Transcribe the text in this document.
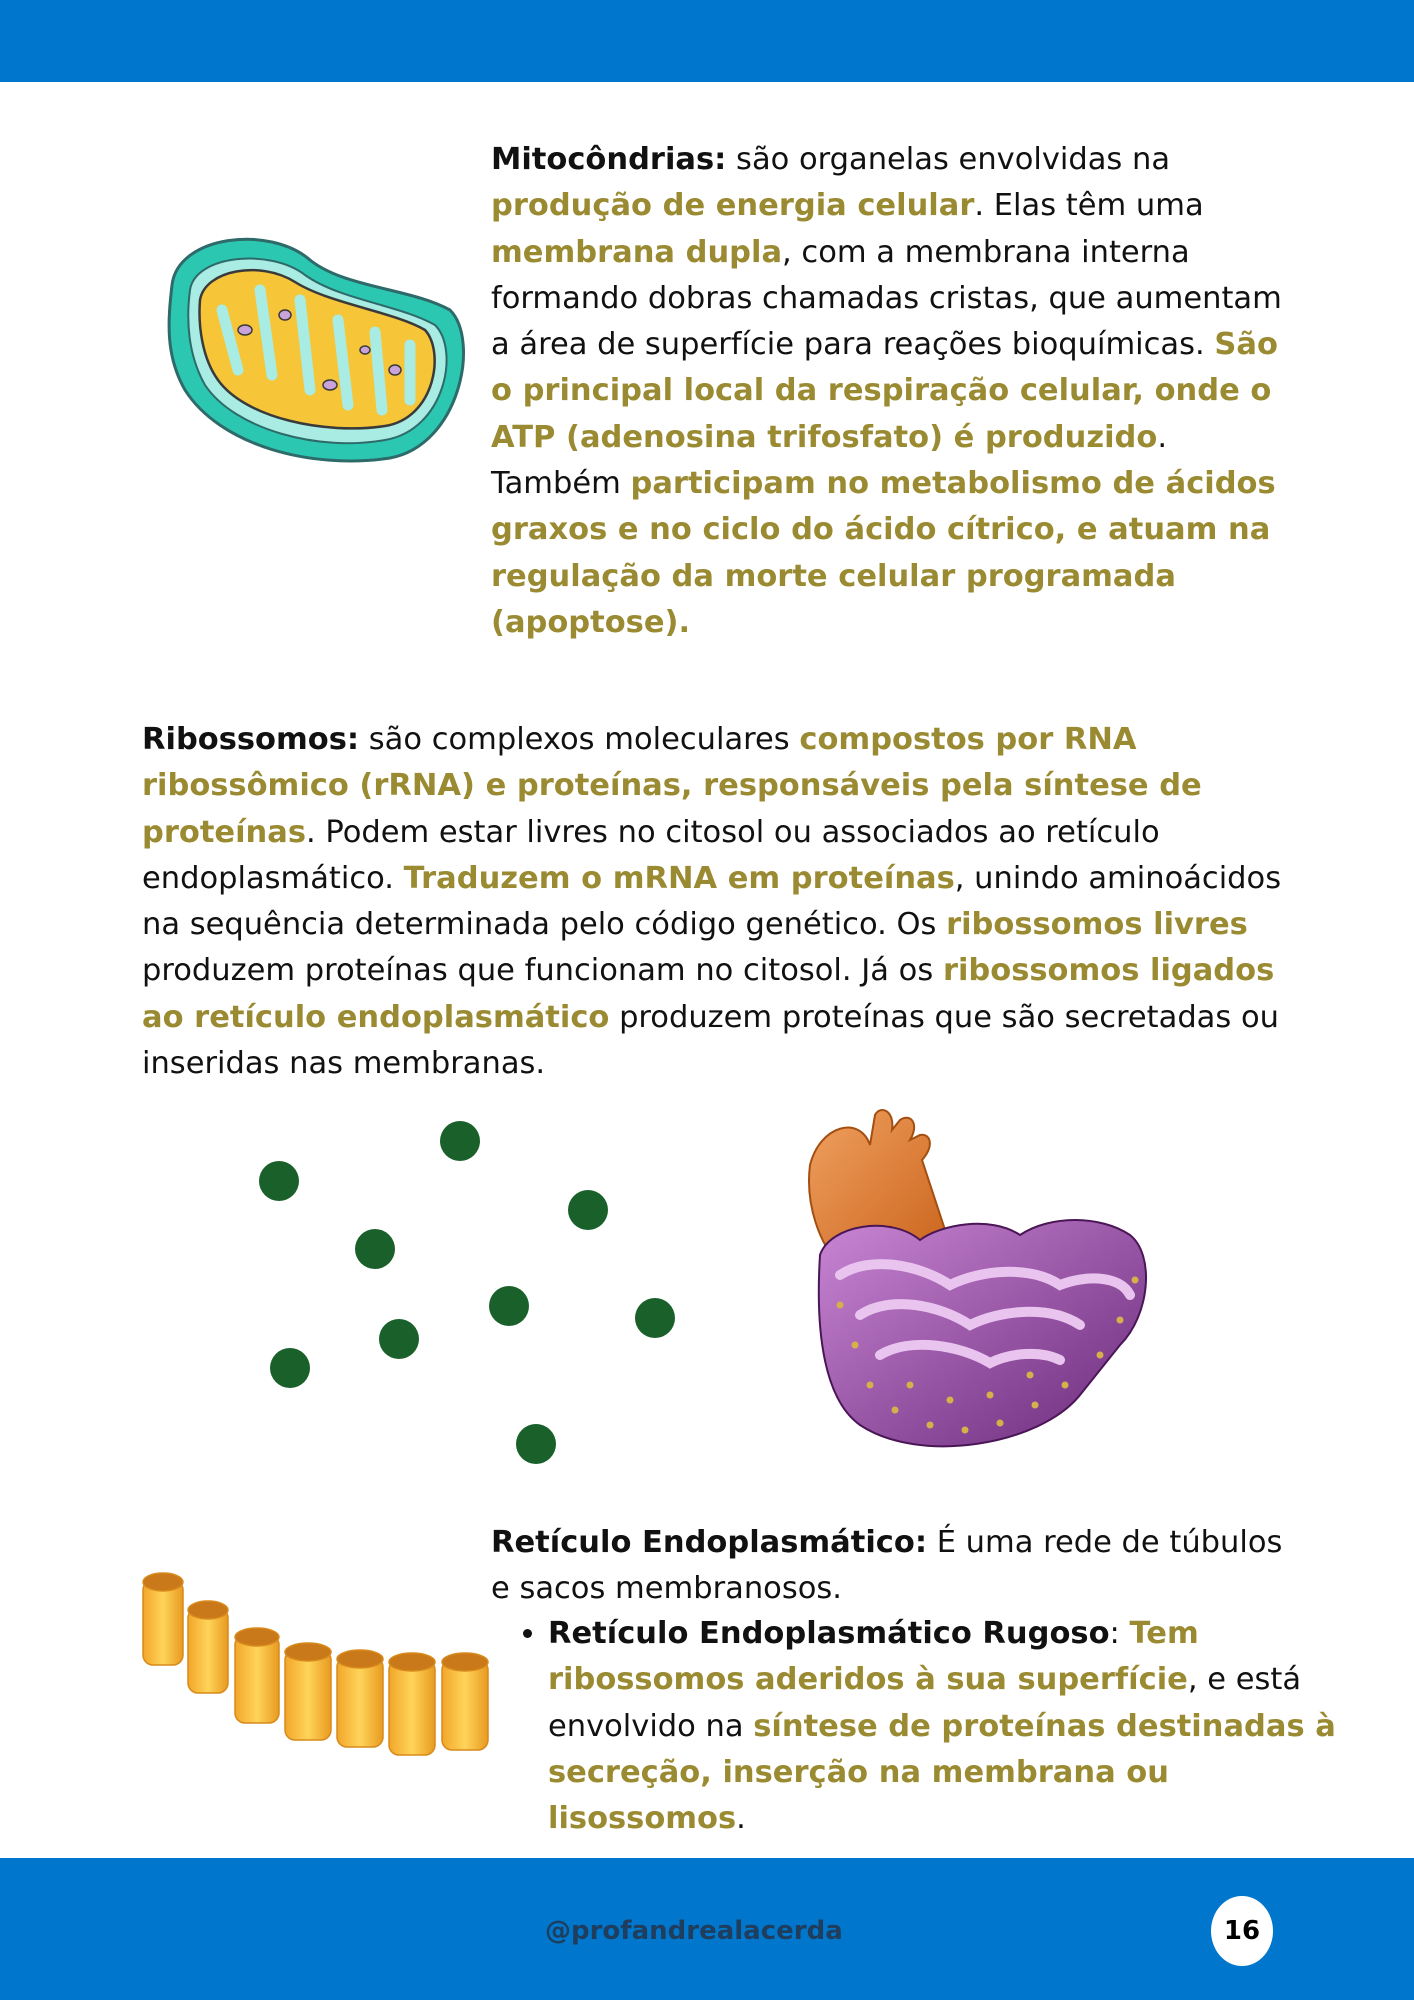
Mitocôndrias: são organelas envolvidas na produção de energia celular. Elas têm uma membrana dupla, com a membrana interna formando dobras chamadas cristas, que aumentam a área de superfície para reações bioquímicas. São o principal local da respiração celular, onde o ATP (adenosina trifosfato) é produzido. Também participam no metabolismo de ácidos graxos e no ciclo do ácido cítrico, e atuam na regulação da morte celular programada (apoptose).

Ribossomos: são complexos moleculares compostos por RNA ribossômico (rRNA) e proteínas, responsáveis pela síntese de proteínas. Podem estar livres no citosol ou associados ao retículo endoplasmático. Traduzem o mRNA em proteínas, unindo aminoácidos na sequência determinada pelo código genético. Os ribossomos livres produzem proteínas que funcionam no citosol. Já os ribossomos ligados ao retículo endoplasmático produzem proteínas que são secretadas ou inseridas nas membranas.

Retículo Endoplasmático: É uma rede de túbulos e sacos membranosos.

• Retículo Endoplasmático Rugoso: Tem ribossomos aderidos à sua superfície, e está envolvido na síntese de proteínas destinadas à secreção, inserção na membrana ou lisossomos.
@profandrealacerda	16
